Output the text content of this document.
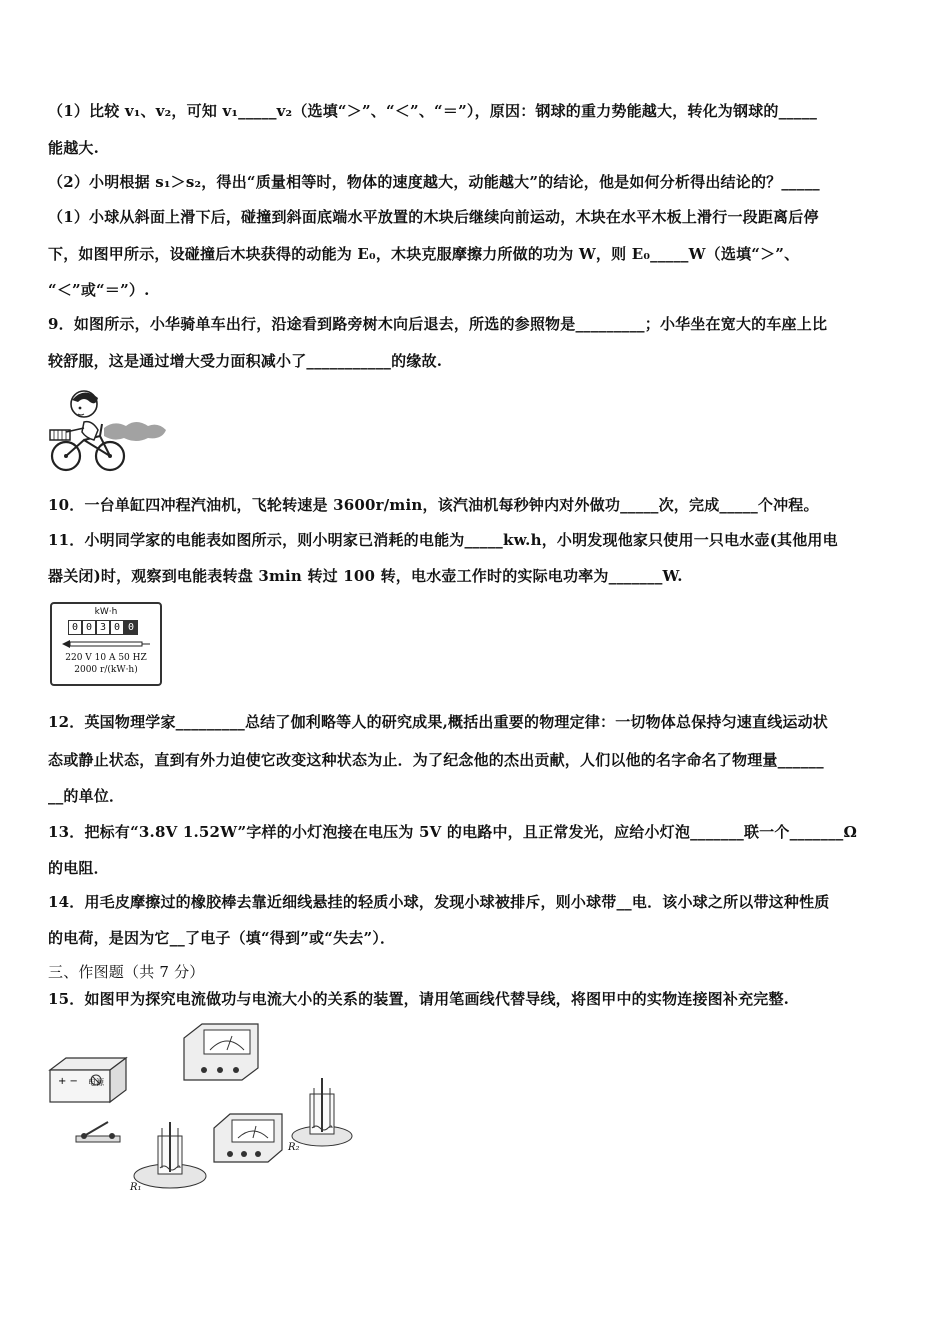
（1）比较 v₁、v₂，可知 v₁_____v₂（选填“＞”、“＜”、“＝”），原因：钢球的重力势能越大，转化为钢球的_____
能越大.
（2）小明根据 s₁＞s₂，得出“质量相等时，物体的速度越大，动能越大”的结论，他是如何分析得出结论的？_____
（1）小球从斜面上滑下后，碰撞到斜面底端水平放置的木块后继续向前运动，木块在水平木板上滑行一段距离后停
下，如图甲所示，设碰撞后木块获得的动能为 E₀，木块克服摩擦力所做的功为 W，则 E₀_____W（选填“＞”、
“＜”或“＝”）.
9．如图所示，小华骑单车出行，沿途看到路旁树木向后退去，所选的参照物是_________；小华坐在宽大的车座上比
较舒服，这是通过增大受力面积减小了___________的缘故.
10．一台单缸四冲程汽油机，飞轮转速是 3600r/min，该汽油机每秒钟内对外做功_____次，完成_____个冲程。
11．小明同学家的电能表如图所示，则小明家已消耗的电能为_____kw.h，小明发现他家只使用一只电水壶(其他用电
器关闭)时，观察到电能表转盘 3min 转过 100 转，电水壶工作时的实际电功率为_______W.
kW·h
0 0 3 0 0
220 V 10 A 50 HZ
2000 r/(kW·h)
12．英国物理学家_________总结了伽利略等人的研究成果,概括出重要的物理定律：一切物体总保持匀速直线运动状
态或静止状态，直到有外力迫使它改变这种状态为止．为了纪念他的杰出贡献，人们以他的名字命名了物理量______
__的单位．
13．把标有“3.8V 1.52W”字样的小灯泡接在电压为 5V 的电路中，且正常发光，应给小灯泡_______联一个_______Ω
的电阻．
14．用毛皮摩擦过的橡胶棒去靠近细线悬挂的轻质小球，发现小球被排斥，则小球带__电．该小球之所以带这种性质
的电荷，是因为它__了电子（填“得到”或“失去”）．
三、作图题（共 7 分）
15．如图甲为探究电流做功与电流大小的关系的装置，请用笔画线代替导线，将图甲中的实物连接图补充完整.
+ − 电源
R₁
R₂
